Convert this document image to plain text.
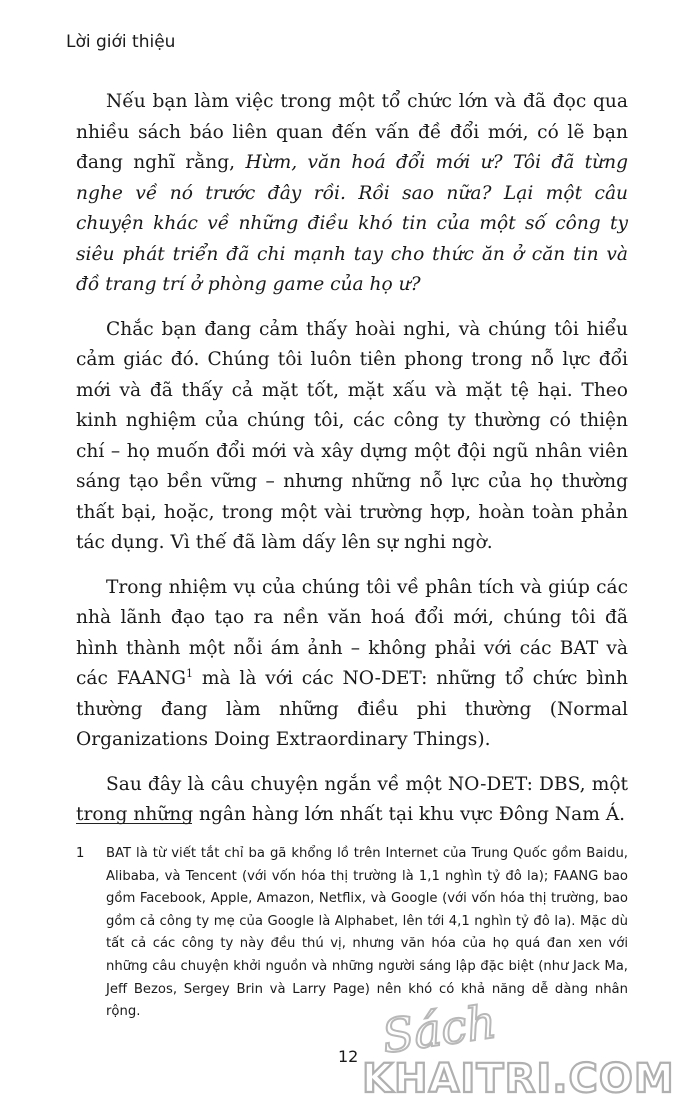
Lời giới thiệu

Nếu bạn làm việc trong một tổ chức lớn và đã đọc qua nhiều sách báo liên quan đến vấn đề đổi mới, có lẽ bạn đang nghĩ rằng, Hừm, văn hoá đổi mới ư? Tôi đã từng nghe về nó trước đây rồi. Rồi sao nữa? Lại một câu chuyện khác về những điều khó tin của một số công ty siêu phát triển đã chi mạnh tay cho thức ăn ở căn tin và đồ trang trí ở phòng game của họ ư?

Chắc bạn đang cảm thấy hoài nghi, và chúng tôi hiểu cảm giác đó. Chúng tôi luôn tiên phong trong nỗ lực đổi mới và đã thấy cả mặt tốt, mặt xấu và mặt tệ hại. Theo kinh nghiệm của chúng tôi, các công ty thường có thiện chí – họ muốn đổi mới và xây dựng một đội ngũ nhân viên sáng tạo bền vững – nhưng những nỗ lực của họ thường thất bại, hoặc, trong một vài trường hợp, hoàn toàn phản tác dụng. Vì thế đã làm dấy lên sự nghi ngờ.

Trong nhiệm vụ của chúng tôi về phân tích và giúp các nhà lãnh đạo tạo ra nền văn hoá đổi mới, chúng tôi đã hình thành một nỗi ám ảnh – không phải với các BAT và các FAANG$^1$ mà là với các NO-DET: những tổ chức bình thường đang làm những điều phi thường (Normal Organizations Doing Extraordinary Things).

Sau đây là câu chuyện ngắn về một NO-DET: DBS, một trong những ngân hàng lớn nhất tại khu vực Đông Nam Á.

1 BAT là từ viết tắt chỉ ba gã khổng lồ trên Internet của Trung Quốc gồm Baidu, Alibaba, và Tencent (với vốn hóa thị trường là 1,1 nghìn tỷ đô la); FAANG bao gồm Facebook, Apple, Amazon, Netflix, và Google (với vốn hóa thị trường, bao gồm cả công ty mẹ của Google là Alphabet, lên tới 4,1 nghìn tỷ đô la). Mặc dù tất cả các công ty này đều thú vị, nhưng văn hóa của họ quá đan xen với những câu chuyện khởi nguồn và những người sáng lập đặc biệt (như Jack Ma, Jeff Bezos, Sergey Brin và Larry Page) nên khó có khả năng dễ dàng nhân rộng.
12 Sách
KHAITRI.COM
